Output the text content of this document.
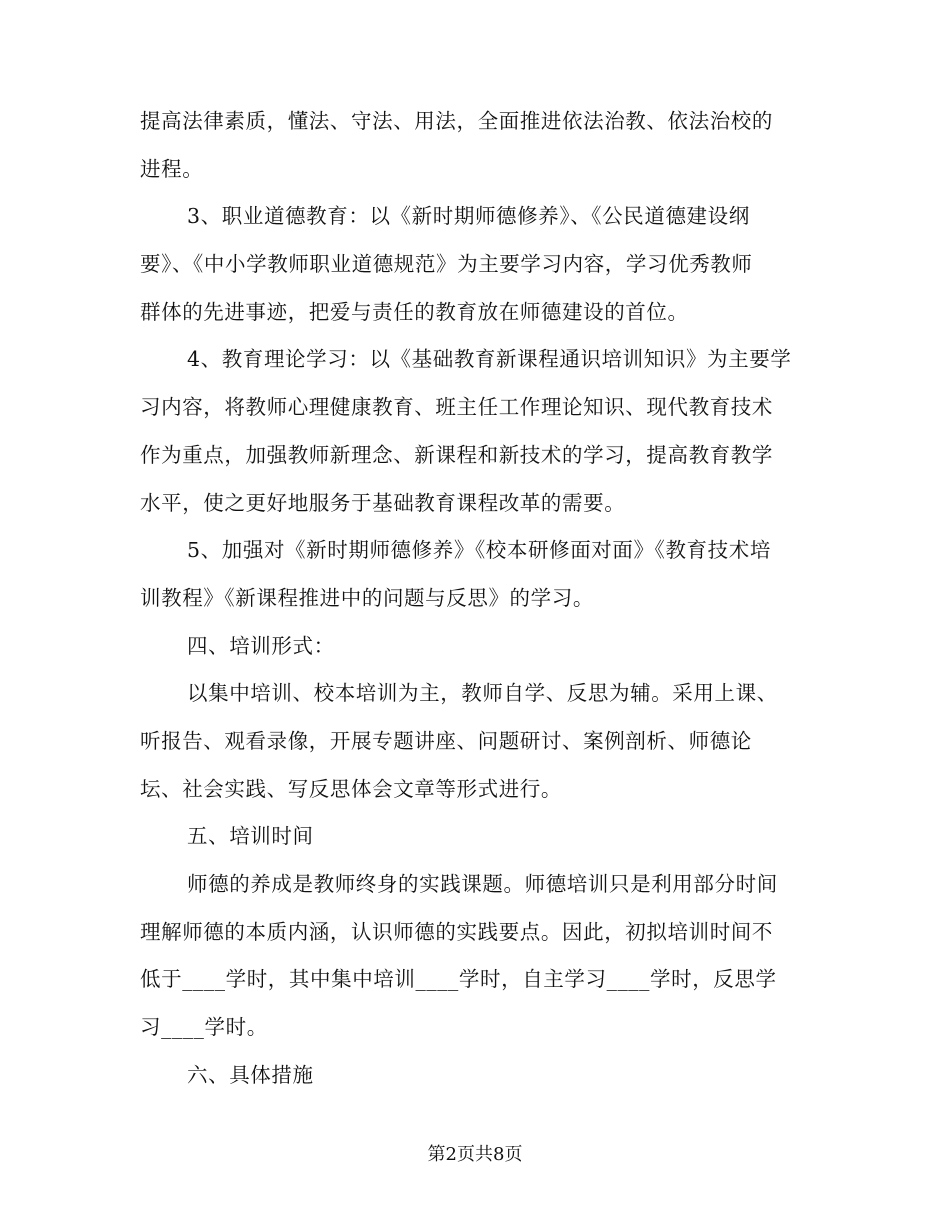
提高法律素质，懂法、守法、用法，全面推进依法治教、依法治校的
进程。
3、职业道德教育：以《新时期师德修养》、《公民道德建设纲
要》、《中小学教师职业道德规范》为主要学习内容，学习优秀教师
群体的先进事迹，把爱与责任的教育放在师德建设的首位。
4、教育理论学习：以《基础教育新课程通识培训知识》为主要学
习内容，将教师心理健康教育、班主任工作理论知识、现代教育技术
作为重点，加强教师新理念、新课程和新技术的学习，提高教育教学
水平，使之更好地服务于基础教育课程改革的需要。
5、加强对《新时期师德修养》《校本研修面对面》《教育技术培
训教程》《新课程推进中的问题与反思》的学习。
四、培训形式：
以集中培训、校本培训为主，教师自学、反思为辅。采用上课、
听报告、观看录像，开展专题讲座、问题研讨、案例剖析、师德论
坛、社会实践、写反思体会文章等形式进行。
五、培训时间
师德的养成是教师终身的实践课题。师德培训只是利用部分时间
理解师德的本质内涵，认识师德的实践要点。因此，初拟培训时间不
低于____学时，其中集中培训____学时，自主学习____学时，反思学
习____学时。
六、具体措施
第2页共8页
